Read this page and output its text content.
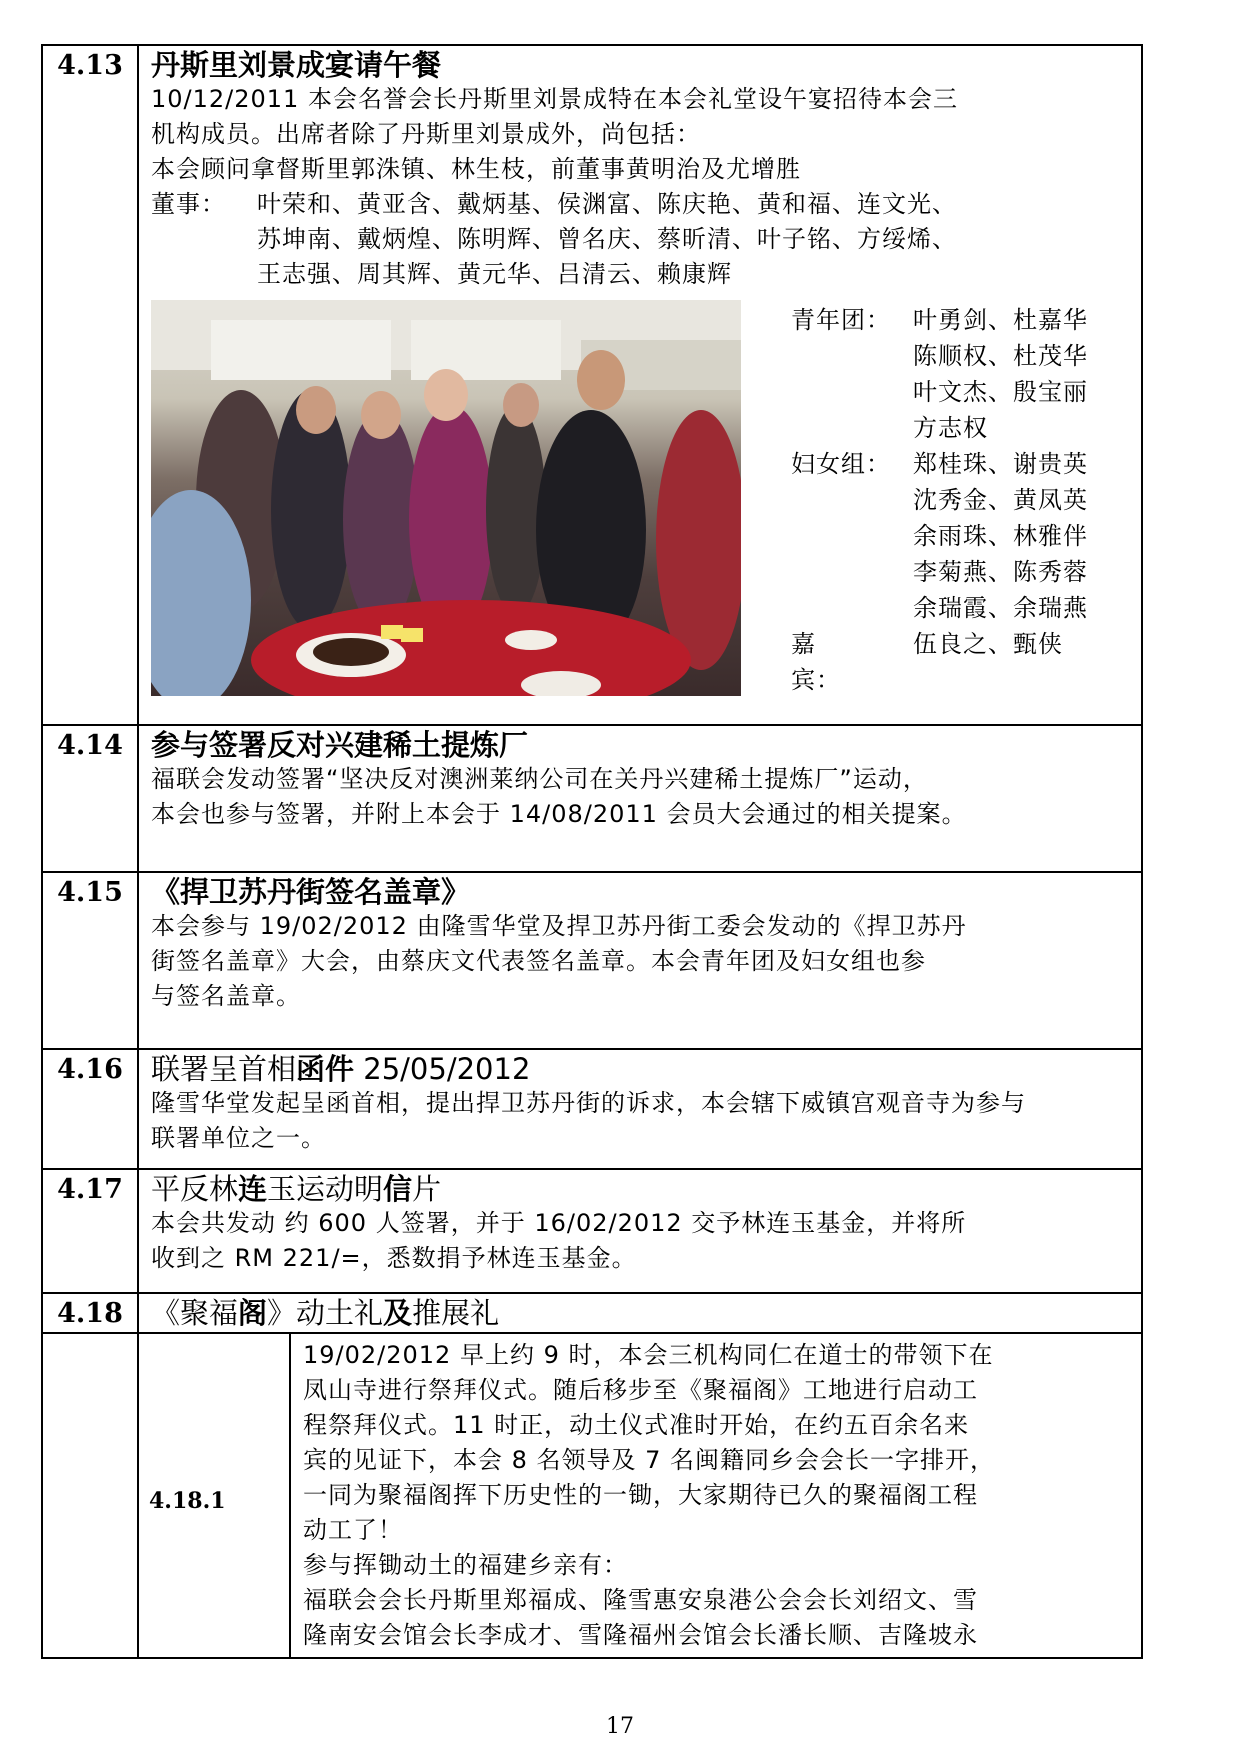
4.13	丹斯里刘景成宴请午餐

10/12/2011 本会名誉会长丹斯里刘景成特在本会礼堂设午宴招待本会三

机构成员。出席者除了丹斯里刘景成外，尚包括：

本会顾问拿督斯里郭洙镇、林生枝，前董事黄明治及尤增胜

董事：	叶荣和、黄亚含、戴炳基、侯渊富、陈庆艳、黄和福、连文光、

苏坤南、戴炳煌、陈明辉、曾名庆、蔡昕清、叶子铭、方绥烯、

王志强、周其辉、黄元华、吕清云、赖康辉

青年团： 叶勇剑、杜嘉华
陈顺权、杜茂华
叶文杰、殷宝丽
方志权
妇女组： 郑桂珠、谢贵英
沈秀金、黄凤英
余雨珠、林雅伴
李菊燕、陈秀蓉
余瑞霞、余瑞燕
嘉　　宾：
伍良之、甄侠

4.14	参与签署反对兴建稀土提炼厂

福联会发动签署“坚决反对澳洲莱纳公司在关丹兴建稀土提炼厂”运动，

本会也参与签署，并附上本会于 14/08/2011 会员大会通过的相关提案。

4.15	《捍卫苏丹街签名盖章》

本会参与 19/02/2012 由隆雪华堂及捍卫苏丹街工委会发动的《捍卫苏丹

街签名盖章》大会，由蔡庆文代表签名盖章。本会青年团及妇女组也参

与签名盖章。

4.16	联署呈首相函件 25/05/2012

隆雪华堂发起呈函首相，提出捍卫苏丹街的诉求，本会辖下威镇宫观音寺为参与

联署单位之一。

4.17	平反林连玉运动明信片

本会共发动 约 600 人签署，并于 16/02/2012 交予林连玉基金，并将所

收到之 RM 221/=，悉数捐予林连玉基金。

4.18	《聚福阁》动土礼及推展礼

4.18.1	

19/02/2012 早上约 9 时，本会三机构同仁在道士的带领下在

凤山寺进行祭拜仪式。随后移步至《聚福阁》工地进行启动工

程祭拜仪式。11 时正，动土仪式准时开始，在约五百余名来

宾的见证下，本会 8 名领导及 7 名闽籍同乡会会长一字排开，

一同为聚福阁挥下历史性的一锄，大家期待已久的聚福阁工程

动工了！

参与挥锄动土的福建乡亲有：

福联会会长丹斯里郑福成、隆雪惠安泉港公会会长刘绍文、雪

隆南安会馆会长李成才、雪隆福州会馆会长潘长顺、吉隆坡永

17
